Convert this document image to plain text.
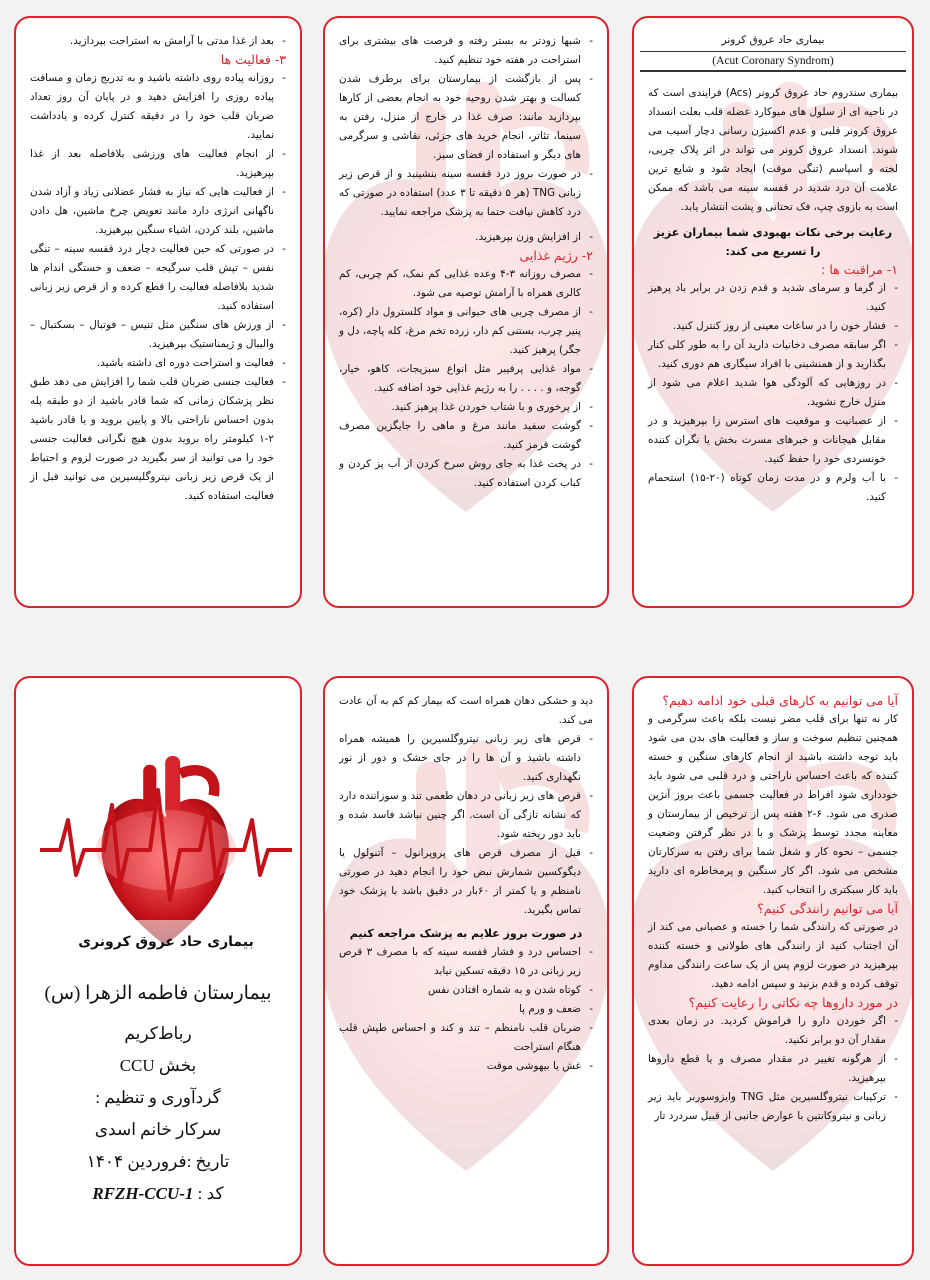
بیماری حاد عروق کرونر
(Acut Coronary Syndrom)

بیماری سندروم حاد عروق کرونر (Acs) فرایندی است که در ناحیه ای از سلول های میوکارد عضله قلب بعلت انسداد عروق کرونر قلبی و عدم اکسیژن رسانی دچار آسیب می شوند. انسداد عروق کرونر می تواند در اثر پلاک چربی، لخته و اسپاسم (تنگی موقت) ایجاد شود و شایع ترین علامت آن درد شدید در قفسه سینه می باشد که ممکن است به بازوی چپ، فک تحتانی و پشت انتشار یابد.

رعایت برخی نکات بهبودی شما بیماران عزیز را تسریع می کند:

۱- مراقبت ها :

- از گرما و سرمای شدید و قدم زدن در برابر باد پرهیز کنید.

- فشار خون را در ساعات معینی از روز کنترل کنید.

- اگر سابقه مصرف دخانیات دارید آن را به طور کلی کنار بگذارید و از همنشینی با افراد سیگاری هم دوری کنید.

- در روزهایی که آلودگی هوا شدید اعلام می شود از منزل خارج نشوید.

- از عصبانیت و موقعیت های استرس زا بپرهیزید و در مقابل هیجانات و خبرهای مسرت بخش یا نگران کننده خونسردی خود را حفظ کنید.

- با آب ولرم و در مدت زمان کوتاه (۲۰-۱۵) استحمام کنید.

- شبها زودتر به بستر رفته و فرصت های بیشتری برای استراحت در هفته خود تنظیم کنید.

- پس از بازگشت از بیمارستان برای برطرف شدن کسالت و بهتر شدن روحیه خود به انجام بعضی از کارها بپردازید مانند: صرف غذا در خارج از منزل، رفتن به سینما، تئاتر، انجام خرید های جزئی، نقاشی و سرگرمی های دیگر و استفاده از فضای سبز.

- در صورت بروز درد قفسه سینه بنشینید و از قرص زیر زبانی TNG (هر ۵ دقیقه تا ۳ عدد) استفاده در صورتی که درد کاهش نیافت حتما به پزشک مراجعه نمایید.

- از افزایش وزن بپرهیزید.

۲- رژیم غذایی

- مصرف روزانه ۳-۴ وعده غذایی کم نمک، کم چربی، کم کالری همراه با آرامش توصیه می شود.

- از مصرف چربی های حیوانی و مواد کلسترول دار (کره، پنیر چرب، بستنی کم دار، زرده تخم مرغ، کله پاچه، دل و جگر) پرهیز کنید.

- مواد غذایی پرفیبر مثل انواع سبزیجات، کاهو، خیار، گوجه، و . . . . را به رژیم غذایی خود اضافه کنید.

- از پرخوری و با شتاب خوردن غذا پرهیز کنید.

- گوشت سفید مانند مرغ و ماهی را جایگزین مصرف گوشت قرمز کنید.

- در پخت غذا به جای روش سرخ کردن از آب پز کردن و کباب کردن استفاده کنید.

- بعد از غذا مدتی با آرامش به استراحت بپردازید.

۳- فعالیت ها

- روزانه پیاده روی داشته باشید و به تدریج زمان و مسافت پیاده روزی را افزایش دهید و در پایان آن روز تعداد ضربان قلب خود را در دقیقه کنترل کرده و یادداشت نمایید.

- از انجام فعالیت های ورزشی بلافاصله بعد از غذا بپرهیزید.

- از فعالیت هایی که نیاز به فشار عضلانی زیاد و آزاد شدن ناگهانی انرژی دارد مانند تعویض چرخ ماشین، هل دادن ماشین، بلند کردن، اشیاء سنگین بپرهیزید.

- در صورتی که حین فعالیت دچار درد قفسه سینه – تنگی نفس – تپش قلب سرگیجه – ضعف و خستگی اندام ها شدید بلافاصله فعالیت را قطع کرده و از قرص زیر زبانی استفاده کنید.

- از ورزش های سنگین مثل تنیس – فوتبال – بسکتبال – والیبال و ژیمناستیک بپرهیزید.

- فعالیت و استراحت دوره ای داشته باشید.

- فعالیت جنسی ضربان قلب شما را افزایش می دهد طبق نظر پزشکان زمانی که شما قادر باشید از دو طبقه پله بدون احساس ناراحتی بالا و پایین بروید و یا قادر باشید ۲-۱ کیلومتر راه بروید بدون هیچ نگرانی فعالیت جنسی خود را می توانید از سر بگیرید در صورت لزوم و احتیاط از یک قرص زیر زبانی نیتروگلیسیرین می توانید قبل از فعالیت استفاده کنید.

آیا می توانیم به کارهای قبلی خود ادامه دهیم؟

کار نه تنها برای قلب مضر نیست بلکه باعث سرگرمی و همچنین تنظیم سوخت و ساز و فعالیت های بدن می شود باید توجه داشته باشید از انجام کارهای سنگین و خسته کننده که باعث احساس ناراحتی و درد قلبی می شود باید خودداری شود افراط در فعالیت جسمی باعث بروز آنژین صدری می شود. ۶-۲ هفته پس از ترخیص از بیمارستان و معاینه مجدد توسط پزشک و با در نظر گرفتن وضعیت جسمی – نحوه کار و شغل شما برای رفتن به سرکارتان مشخص می شود. اگر کار سنگین و پرمخاطره ای دارید باید کار سبکتری را انتخاب کنید.

آیا می توانیم رانندگی کنیم؟

در صورتی که رانندگی شما را خسته و عصبانی می کند از آن اجتناب کنید از رانندگی های طولانی و خسته کننده بپرهیزید در صورت لزوم پس از یک ساعت رانندگی مداوم توقف کرده و قدم بزنید و سپس ادامه دهید.

در مورد داروها چه نکاتی را رعایت کنیم؟

- اگر خوردن دارو را فراموش کردید. در زمان بعدی مقدار آن دو برابر نکنید.

- از هرگونه تغییر در مقدار مصرف و یا قطع داروها بپرهیزید.

- ترکیبات نیتروگلسیرین مثل TNG وایزوسوربر باید زیر زبانی و نیتروکانتین با عوارض جانبی از قبیل سردرد تار

دید و خشکی دهان همراه است که بیمار کم کم به آن عادت می کند.

- قرص های زیر زبانی نیتروگلسیرین را همیشه همراه داشته باشید و آن ها را در جای خشک و دور از نور نگهداری کنید.

- قرص های زیر زبانی در دهان طعمی تند و سوزاننده دارد که نشانه تازگی آن است. اگر چنین نباشد فاسد شده و باید دور ریخته شود.

- قبل از مصرف قرص های پروپرانول – آتنولول یا دیگوکسین شمارش نبض خود را انجام دهید در صورتی نامنظم و یا کمتر از ۶۰بار در دقیق باشد با پزشک خود تماس بگیرید.

در صورت بروز علایم به پزشک مراجعه کنیم

- احساس درد و فشار قفسه سینه که با مصرف ۳ قرص زیر زبانی در ۱۵ دقیقه تسکین نیابد

- کوتاه شدن و به شماره افتادن نفس

- ضعف و ورم پا

- ضربان قلب نامنظم – تند و کند و احساس طپش قلب هنگام استراحت

- غش یا بیهوشی موقت

بیماری حاد عروق کرونری
بیمارستان فاطمه الزهرا (س)
رباط‌کریم
بخش CCU
گردآوری و تنظیم :
سرکار خانم اسدی
تاریخ :فروردین ۱۴۰۴
کد : RFZH-CCU-1
